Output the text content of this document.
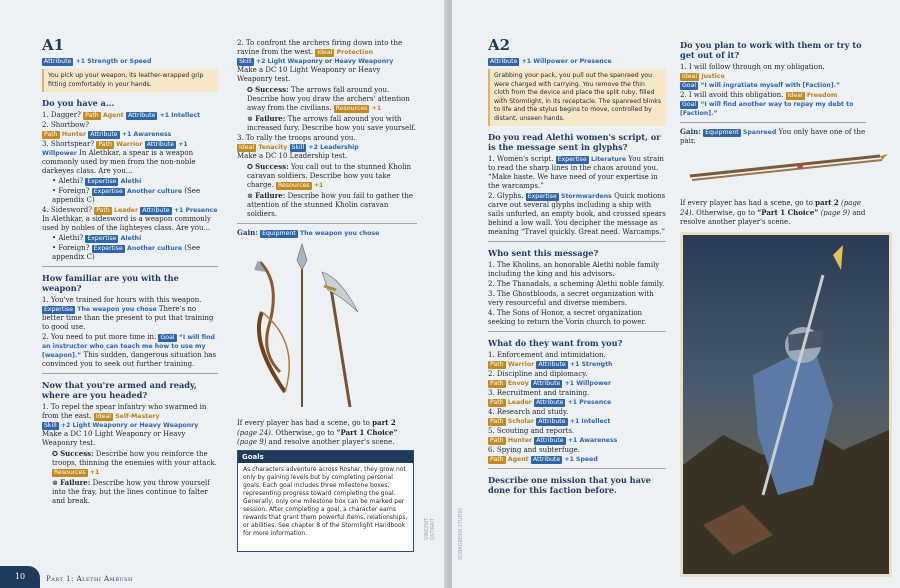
A1
Attribute +1 Strength or Speed
You pick up your weapon, its leather-wrapped grip fitting comfortably in your hands.
Do you have a...
1. Dagger? Path Agent Attribute +1 Intellect
2. Shortbow?
Path Hunter Attribute +1 Awareness
3. Shortspear? Path Warrior Attribute +1 Willpower In Alethkar, a spear is a weapon commonly used by men from the non-noble darkeyes class. Are you...
• Alethi? Expertise Alethi
• Foreign? Expertise Another culture (See appendix C)
4. Sidesword? Path Leader Attribute +1 Presence In Alethkar, a sidesword is a weapon commonly used by nobles of the lighteyes class. Are you...
• Alethi? Expertise Alethi
• Foreign? Expertise Another culture (See appendix C)
How familiar are you with the weapon?
1. You've trained for hours with this weapon. Expertise The weapon you chose There's no better time than the present to put that training to good use.
2. You need to put more time in. Goal “I will find an instructor who can teach me how to use my [weapon].” This sudden, dangerous situation has convinced you to seek out further training.
Now that you're armed and ready, where are you headed?
1. To repel the spear infantry who swarmed in from the east. Ideal Self-Mastery
Skill +2 Light Weaponry or Heavy Weaponry
Make a DC 10 Light Weaponry or Heavy Weaponry test.
✪ Success: Describe how you reinforce the troops, thinning the enemies with your attack. Resources +1
⊗ Failure: Describe how you throw yourself into the fray, but the lines continue to falter and break.
2. To confront the archers firing down into the ravine from the west. Ideal Protection
Skill +2 Light Weaponry or Heavy Weaponry
Make a DC 10 Light Weaponry or Heavy Weaponry test.
✪ Success: The arrows fall around you. Describe how you draw the archers' attention away from the civilians. Resources +1
⊗ Failure: The arrows fall around you with increased fury. Describe how you save yourself.
3. To rally the troops around you.
Ideal Tenacity Skill +2 Leadership
Make a DC 10 Leadership test.
✪ Success: You call out to the stunned Kholin caravan soldiers. Describe how you take charge. Resources +1
⊗ Failure: Describe how you fail to gather the attention of the stunned Kholin caravan soldiers.
Gain: Equipment The weapon you chose
If every player has had a scene, go to part 2 (page 24). Otherwise, go to “Part 1 Choice” (page 9) and resolve another player's scene.
Goals
As characters adventure across Roshar, they grow not only by gaining levels but by completing personal goals. Each goal includes three milestone boxes, representing progress toward completing the goal. Generally, only one milestone box can be marked per session. After completing a goal, a character earns rewards that grant them powerful items, relationships, or abilities. See chapter 8 of the Stormlight Handbook for more information.	VINCENT DUTRAIT
10	Part 1: Alethi Ambush
A2
Attribute +1 Willpower or Presence
Grabbing your pack, you pull out the spanreed you were charged with carrying. You remove the thin cloth from the device and place the split ruby, filled with Stormlight, in its receptacle. The spanreed blinks to life and the stylus begins to move, controlled by distant, unseen hands.
Do you read Alethi women's script, or is the message sent in glyphs?
1. Women's script. Expertise Literature You strain to read the sharp lines in the chaos around you. “Make haste. We have need of your expertise in the warcamps.”
2. Glyphs. Expertise Stormwardens Quick motions carve out several glyphs including a ship with sails unfurled, an empty book, and crossed spears behind a low wall. You decipher the message as meaning “Travel quickly. Great need. Warcamps.”
Who sent this message?
1. The Kholins, an honorable Alethi noble family including the king and his advisors.
2. The Thanadals, a scheming Alethi noble family.
3. The Ghostbloods, a secret organization with very resourceful and diverse members.
4. The Sons of Honor, a secret organization seeking to return the Vorin church to power.
What do they want from you?
1. Enforcement and intimidation.
Path Warrior Attribute +1 Strength
2. Discipline and diplomacy.
Path Envoy Attribute +1 Willpower
3. Recruitment and training.
Path Leader Attribute +1 Presence
4. Research and study.
Path Scholar Attribute +1 Intellect
5. Scouting and reports.
Path Hunter Attribute +1 Awareness
6. Spying and subterfuge.
Path Agent Attribute +1 Speed
Describe one mission that you have done for this faction before.
Do you plan to work with them or try to get out of it?
1. I will follow through on my obligation.
Ideal Justice
Goal “I will ingratiate myself with [Faction].”
2. I will avoid this obligation. Ideal Freedom
Goal “I will find another way to repay my debt to [Faction].”
Gain: Equipment Spanreed You only have one of the pair.
If every player has had a scene, go to part 2 (page 24). Otherwise, go to “Part 1 Choice” (page 9) and resolve another player's scene.
SORAGREEN STUDIO
